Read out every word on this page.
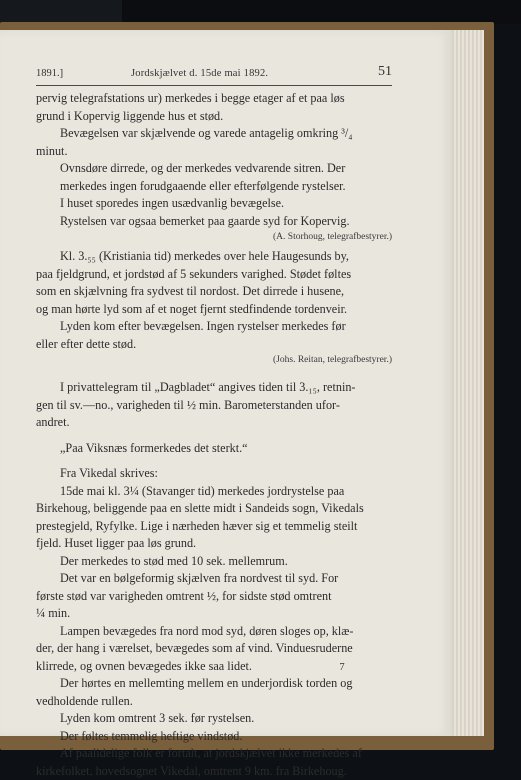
1891.]	Jordskjælvet d. 15de mai 1892.	51
pervig telegrafstations ur) merkedes i begge etager af et paa løs
grund i Kopervig liggende hus et stød.
Bevægelsen var skjælvende og varede antagelig omkring ³/₄
minut.
Ovnsdøre dirrede, og der merkedes vedvarende sitren. Der
merkedes ingen forudgaaende eller efterfølgende rystelser.
I huset sporedes ingen usædvanlig bevægelse.
Rystelsen var ogsaa bemerket paa gaarde syd for Kopervig.
(A. Storhoug, telegrafbestyrer.)
Kl. 3.₅₅ (Kristiania tid) merkedes over hele Haugesunds by,
paa fjeldgrund, et jordstød af 5 sekunders varighed. Stødet føltes
som en skjælvning fra sydvest til nordost. Det dirrede i husene,
og man hørte lyd som af et noget fjernt stedfindende tordenveir.
Lyden kom efter bevægelsen. Ingen rystelser merkedes før
eller efter dette stød.
(Johs. Reitan, telegrafbestyrer.)
I privattelegram til „Dagbladet“ angives tiden til 3.₁₅, retnin-
gen til sv.—no., varigheden til ½ min. Barometerstanden ufor-
andret.
„Paa Viksnæs formerkedes det sterkt.“
Fra Vikedal skrives:
15de mai kl. 3¼ (Stavanger tid) merkedes jordrystelse paa
Birkehoug, beliggende paa en slette midt i Sandeids sogn, Vikedals
prestegjeld, Ryfylke. Lige i nærheden hæver sig et temmelig steilt
fjeld. Huset ligger paa løs grund.
Der merkedes to stød med 10 sek. mellemrum.
Det var en bølgeformig skjælven fra nordvest til syd. For
første stød var varigheden omtrent ½, for sidste stød omtrent
¼ min.
Lampen bevægedes fra nord mod syd, døren sloges op, klæ-
der, der hang i værelset, bevægedes som af vind. Vinduesruderne
klirrede, og ovnen bevægedes ikke saa lidet.
Der hørtes en mellemting mellem en underjordisk torden og
vedholdende rullen.
Lyden kom omtrent 3 sek. før rystelsen.
Der føltes temmelig heftige vindstød.
Af paalidelige folk er fortalt, at jordskjælvet ikke merkedes af
kirkefolket, hovedsognet Vikedal, omtrent 9 km. fra Birkehoug.
7
